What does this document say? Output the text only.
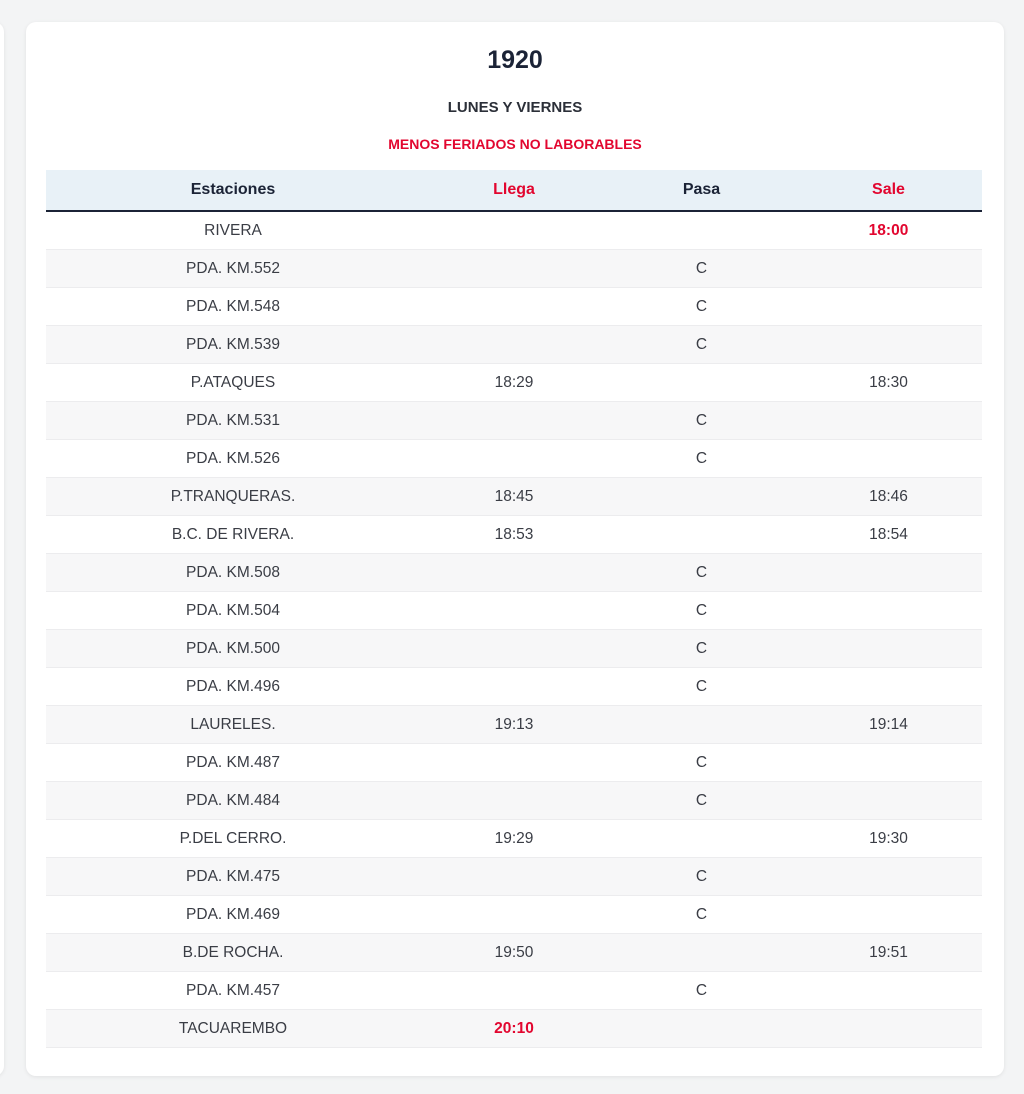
1920
LUNES Y VIERNES
MENOS FERIADOS NO LABORABLES
Estaciones	Llega	Pasa	Sale
RIVERA			18:00
PDA. KM.552		C	
PDA. KM.548		C	
PDA. KM.539		C	
P.ATAQUES	18:29		18:30
PDA. KM.531		C	
PDA. KM.526		C	
P.TRANQUERAS.	18:45		18:46
B.C. DE RIVERA.	18:53		18:54
PDA. KM.508		C	
PDA. KM.504		C	
PDA. KM.500		C	
PDA. KM.496		C	
LAURELES.	19:13		19:14
PDA. KM.487		C	
PDA. KM.484		C	
P.DEL CERRO.	19:29		19:30
PDA. KM.475		C	
PDA. KM.469		C	
B.DE ROCHA.	19:50		19:51
PDA. KM.457		C	
TACUAREMBO	20:10		
